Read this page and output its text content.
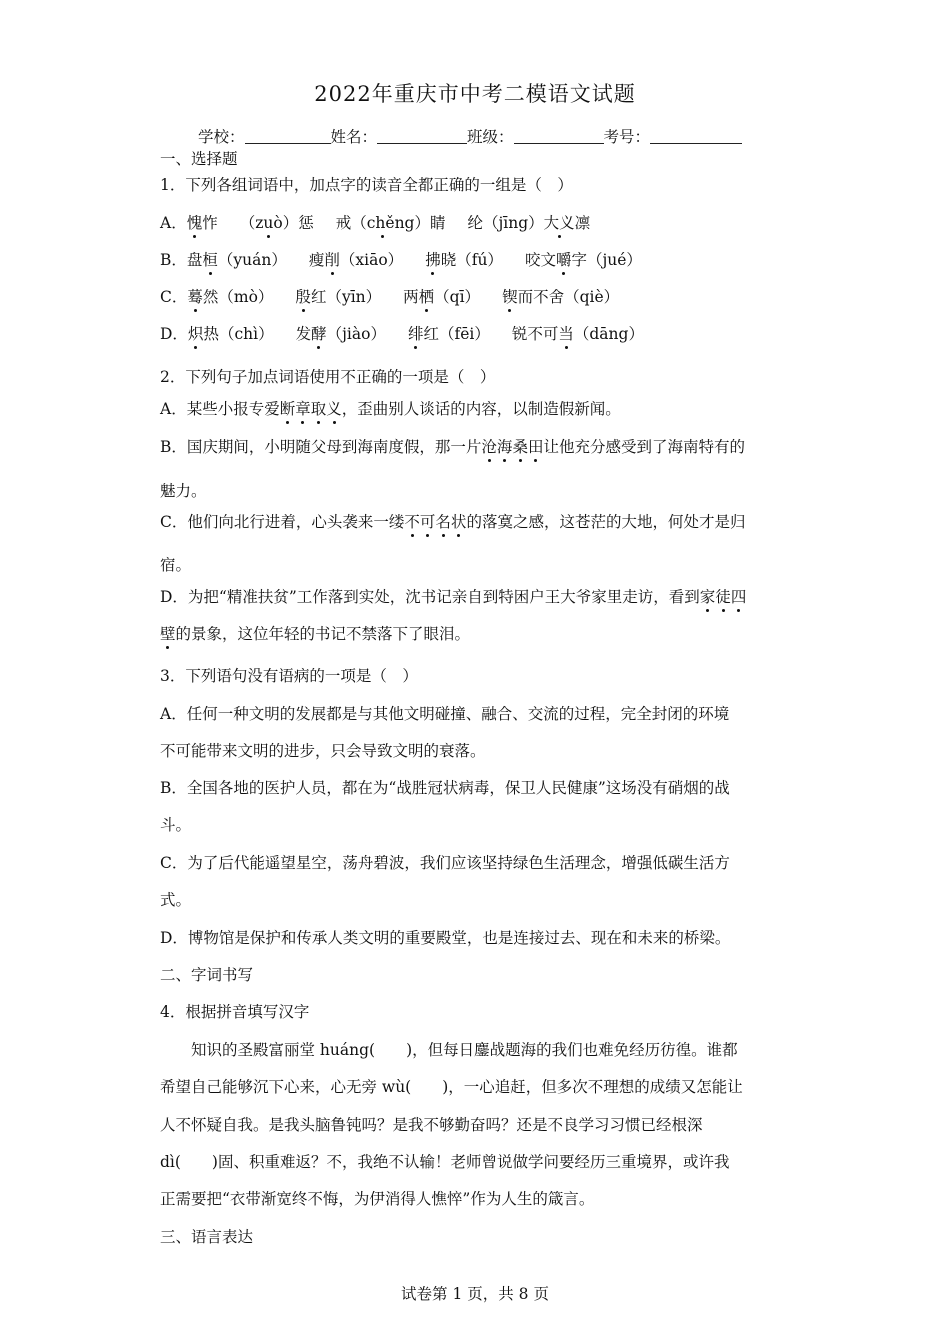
2022年重庆市中考二模语文试题
学校：	姓名：	班级：	考号：
一、选择题
1．下列各组词语中，加点字的读音全都正确的一组是（　）
A．愧怍 （zuò）惩 戒（chěng）睛 纶（jīng）大义凛
B．盘桓（yuán） 瘦削（xiāo） 拂晓（fú） 咬文嚼字（jué）
C．蓦然（mò） 殷红（yīn） 两栖（qī） 锲而不舍（qiè）
D．炽热（chì） 发酵（jiào） 绯红（fēi） 锐不可当（dāng）
2．下列句子加点词语使用不正确的一项是（　）
A．某些小报专爱断章取义，歪曲别人谈话的内容，以制造假新闻。
B．国庆期间，小明随父母到海南度假，那一片沧海桑田让他充分感受到了海南特有的
魅力。
C．他们向北行进着，心头袭来一缕不可名状的落寞之感，这苍茫的大地，何处才是归
宿。
D．为把“精准扶贫”工作落到实处，沈书记亲自到特困户王大爷家里走访，看到家徒四
壁的景象，这位年轻的书记不禁落下了眼泪。
3．下列语句没有语病的一项是（　）
A．任何一种文明的发展都是与其他文明碰撞、融合、交流的过程，完全封闭的环境
不可能带来文明的进步，只会导致文明的衰落。
B．全国各地的医护人员，都在为“战胜冠状病毒，保卫人民健康”这场没有硝烟的战
斗。
C．为了后代能遥望星空，荡舟碧波，我们应该坚持绿色生活理念，增强低碳生活方
式。
D．博物馆是保护和传承人类文明的重要殿堂，也是连接过去、现在和未来的桥梁。
二、字词书写
4．根据拼音填写汉字
　　知识的圣殿富丽堂 huáng(　　)，但每日鏖战题海的我们也难免经历彷徨。谁都
希望自己能够沉下心来，心无旁 wù(　　)，一心追赶，但多次不理想的成绩又怎能让
人不怀疑自我。是我头脑鲁钝吗？是我不够勤奋吗？还是不良学习习惯已经根深
dì(　　)固、积重难返？不，我绝不认输！老师曾说做学问要经历三重境界，或许我
正需要把“衣带渐宽终不悔，为伊消得人憔悴”作为人生的箴言。
三、语言表达
试卷第 1 页，共 8 页
